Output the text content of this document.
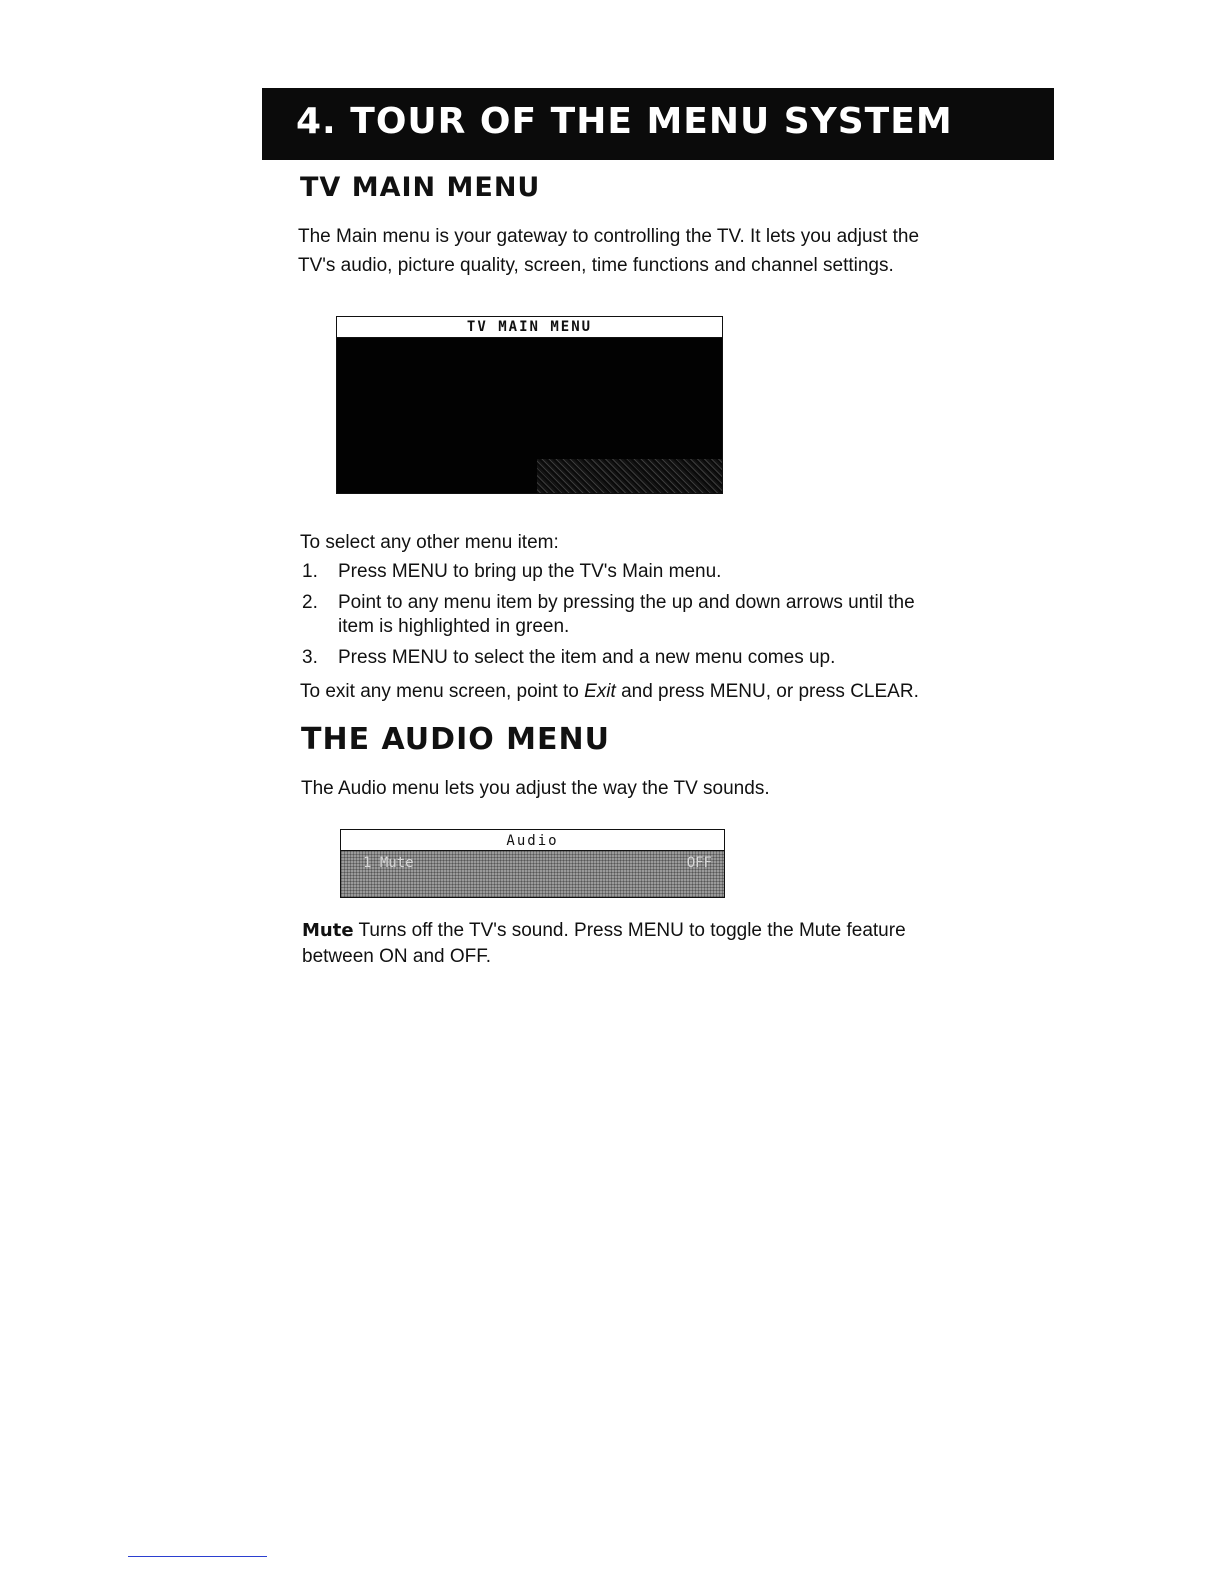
4. TOUR OF THE MENU SYSTEM
TV MAIN MENU
The Main menu is your gateway to controlling the TV. It lets you adjust the
TV's audio, picture quality, screen, time functions and channel settings.
TV MAIN MENU
To select any other menu item:
1. Press MENU to bring up the TV's Main menu.
2. Point to any menu item by pressing the up and down arrows until the
item is highlighted in green.
3. Press MENU to select the item and a new menu comes up.
To exit any menu screen, point to Exit and press MENU, or press CLEAR.
THE AUDIO MENU
The Audio menu lets you adjust the way the TV sounds.
Audio
1 Mute	OFF
Mute Turns off the TV's sound. Press MENU to toggle the Mute feature
between ON and OFF.
